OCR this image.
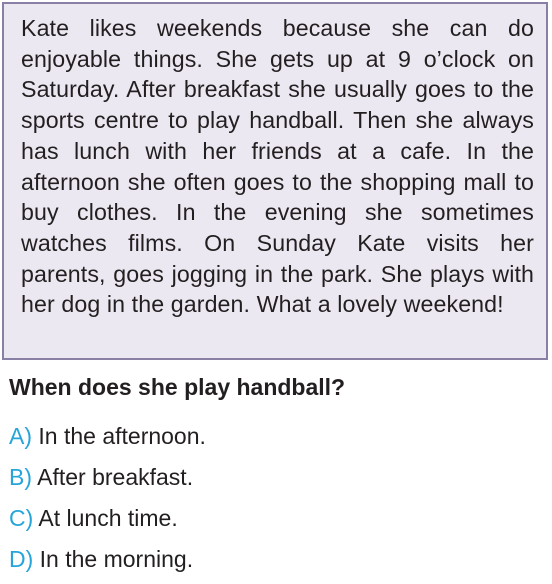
Kate likes weekends because she can do enjoyable things. She gets up at 9 o’clock on Saturday. After breakfast she usually goes to the sports centre to play handball. Then she always has lunch with her friends at a cafe. In the afternoon she often goes to the shopping mall to buy clothes. In the evening she sometimes watches films. On Sunday Kate visits her parents, goes jogging in the park. She plays with her dog in the garden. What a lovely weekend!

When does she play handball?

A) In the afternoon.
B) After breakfast.
C) At lunch time.
D) In the morning.
